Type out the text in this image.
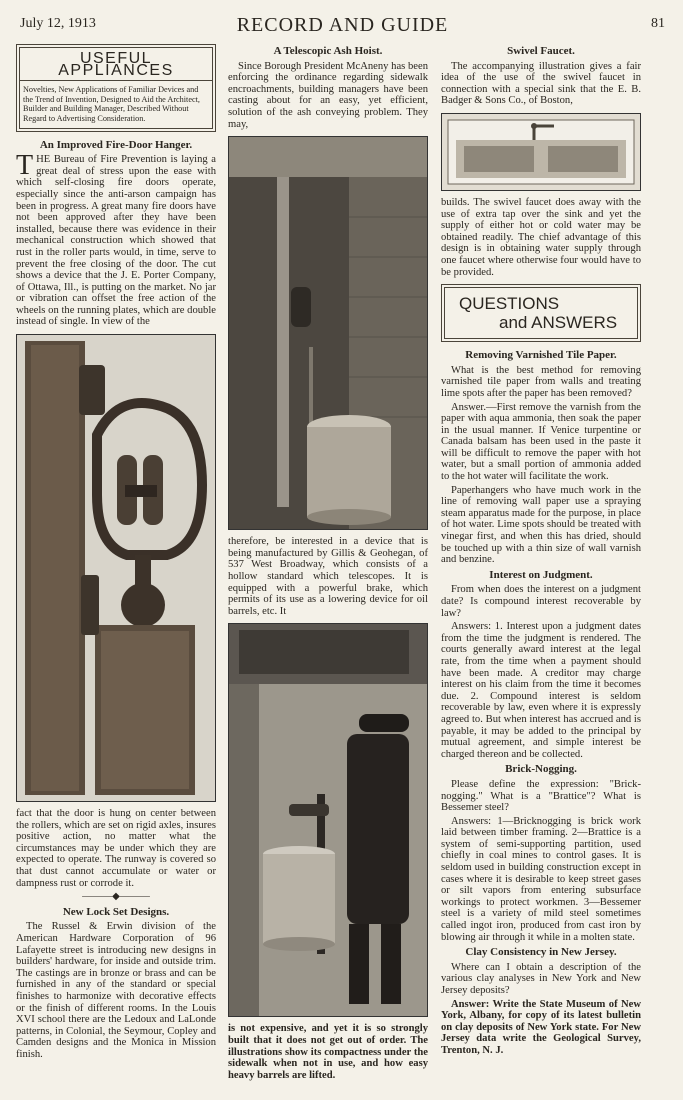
July 12, 1913	RECORD AND GUIDE	81
USEFUL APPLIANCES
Novelties, New Applications of Familiar Devices and the Trend of Invention, Designed to Aid the Architect, Builder and Building Manager, Described Without Regard to Advertising Consideration.
An Improved Fire-Door Hanger.

THE Bureau of Fire Prevention is laying a great deal of stress upon the ease with which self-closing fire doors operate, especially since the anti-arson campaign has been in progress. A great many fire doors have not been approved after they have been installed, because there was evidence in their mechanical construction which showed that rust in the roller parts would, in time, serve to prevent the free closing of the door. The cut shows a device that the J. E. Porter Company, of Ottawa, Ill., is putting on the market. No jar or vibration can offset the free action of the wheels on the running plates, which are double instead of single. In view of the

fact that the door is hung on center between the rollers, which are set on rigid axles, insures positive action, no matter what the circumstances may be under which they are expected to operate. The runway is covered so that dust cannot accumulate or water or dampness rust or corrode it.

———◆———
New Lock Set Designs.

The Russel & Erwin division of the American Hardware Corporation of 96 Lafayette street is introducing new designs in builders' hardware, for inside and outside trim. The castings are in bronze or brass and can be furnished in any of the standard or special finishes to harmonize with decorative effects or the finish of different rooms. In the Louis XVI school there are the Ledoux and LaLonde patterns, in Colonial, the Seymour, Copley and Camden designs and the Monica in Mission finish.

A Telescopic Ash Hoist.

Since Borough President McAneny has been enforcing the ordinance regarding sidewalk encroachments, building managers have been casting about for an easy, yet efficient, solution of the ash conveying problem. They may,

therefore, be interested in a device that is being manufactured by Gillis & Geohegan, of 537 West Broadway, which consists of a hollow standard which telescopes. It is equipped with a powerful brake, which permits of its use as a lowering device for oil barrels, etc. It

is not expensive, and yet it is so strongly built that it does not get out of order. The illustrations show its compactness under the sidewalk when not in use, and how easy heavy barrels are lifted.

Swivel Faucet.

The accompanying illustration gives a fair idea of the use of the swivel faucet in connection with a special sink that the E. B. Badger & Sons Co., of Boston,

builds. The swivel faucet does away with the use of extra tap over the sink and yet the supply of either hot or cold water may be obtained readily. The chief advantage of this design is in obtaining water supply through one faucet where otherwise four would have to be provided.

QUESTIONS
and ANSWERS
Removing Varnished Tile Paper.

What is the best method for removing varnished tile paper from walls and treating lime spots after the paper has been removed?

Answer.—First remove the varnish from the paper with aqua ammonia, then soak the paper in the usual manner. If Venice turpentine or Canada balsam has been used in the paste it will be difficult to remove the paper with hot water, but a small portion of ammonia added to the hot water will facilitate the work.

Paperhangers who have much work in the line of removing wall paper use a spraying steam apparatus made for the purpose, in place of hot water. Lime spots should be treated with vinegar first, and when this has dried, should be touched up with a thin size of wall varnish and benzine.

Interest on Judgment.

From when does the interest on a judgment date? Is compound interest recoverable by law?

Answers: 1. Interest upon a judgment dates from the time the judgment is rendered. The courts generally award interest at the legal rate, from the time when a payment should have been made. A creditor may charge interest on his claim from the time it becomes due. 2. Compound interest is seldom recoverable by law, even where it is expressly agreed to. But when interest has accrued and is payable, it may be added to the principal by mutual agreement, and simple interest be charged thereon and be collected.

Brick-Nogging.

Please define the expression: "Brick-nogging." What is a "Brattice"? What is Bessemer steel?

Answers: 1—Bricknogging is brick work laid between timber framing. 2—Brattice is a system of semi-supporting partition, used chiefly in coal mines to control gases. It is seldom used in building construction except in cases where it is desirable to keep street gases or silt vapors from entering subsurface workings to protect workmen. 3—Bessemer steel is a variety of mild steel sometimes called ingot iron, produced from cast iron by blowing air through it while in a molten state.

Clay Consistency in New Jersey.

Where can I obtain a description of the various clay analyses in New York and New Jersey deposits?

Answer: Write the State Museum of New York, Albany, for copy of its latest bulletin on clay deposits of New York state. For New Jersey data write the Geological Survey, Trenton, N. J.
